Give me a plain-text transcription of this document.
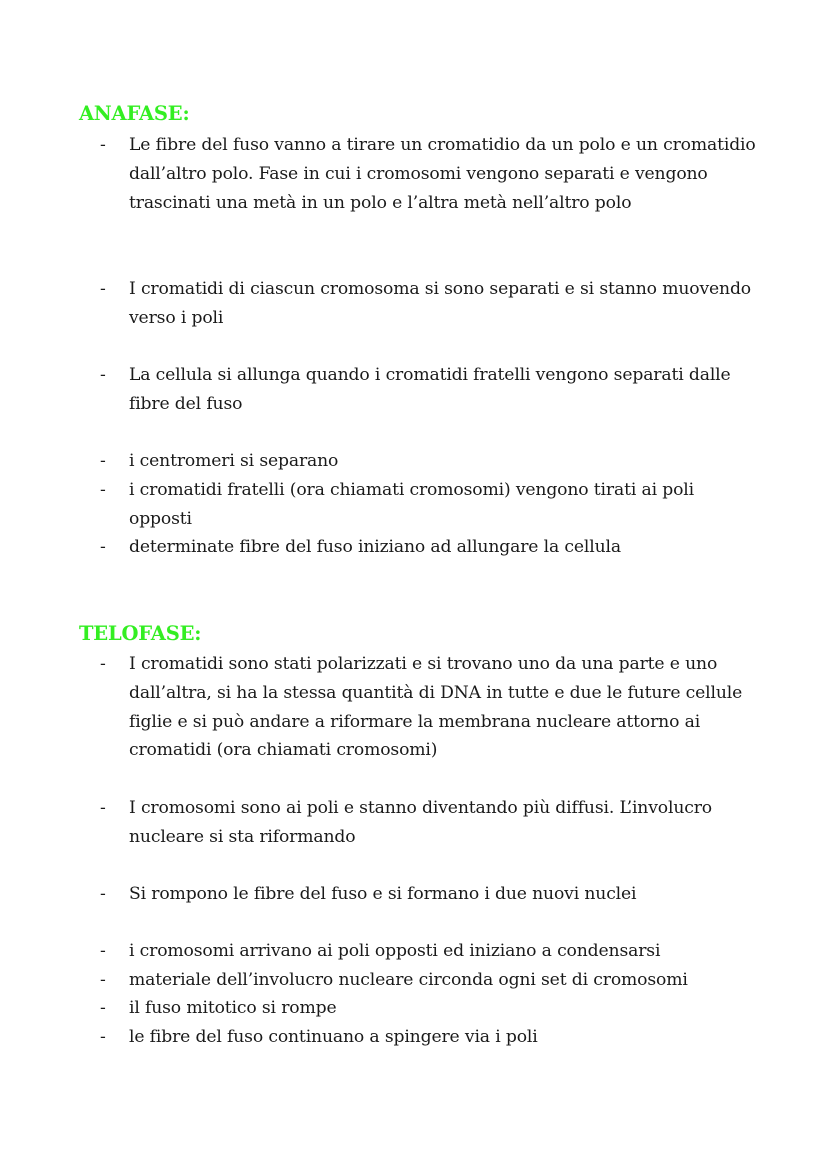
ANAFASE:
-	Le fibre del fuso vanno a tirare un cromatidio da un polo e un cromatidio dall’altro polo. Fase in cui i cromosomi vengono separati e vengono trascinati una metà in un polo e l’altra metà nell’altro polo
-	I cromatidi di ciascun cromosoma si sono separati e si stanno muovendo verso i poli
-	La cellula si allunga quando i cromatidi fratelli vengono separati dalle fibre del fuso
-	i centromeri si separano
-	i cromatidi fratelli (ora chiamati cromosomi) vengono tirati ai poli opposti
-	determinate fibre del fuso iniziano ad allungare la cellula
TELOFASE:
-	I cromatidi sono stati polarizzati e si trovano uno da una parte e uno dall’altra, si ha la stessa quantità di DNA in tutte e due le future cellule figlie e si può andare a riformare la membrana nucleare attorno ai cromatidi (ora chiamati cromosomi)
-	I cromosomi sono ai poli e stanno diventando più diffusi. L’involucro nucleare si sta riformando
-	Si rompono le fibre del fuso e si formano i due nuovi nuclei
-	i cromosomi arrivano ai poli opposti ed iniziano a condensarsi
-	materiale dell’involucro nucleare circonda ogni set di cromosomi
-	il fuso mitotico si rompe
-	le fibre del fuso continuano a spingere via i poli
